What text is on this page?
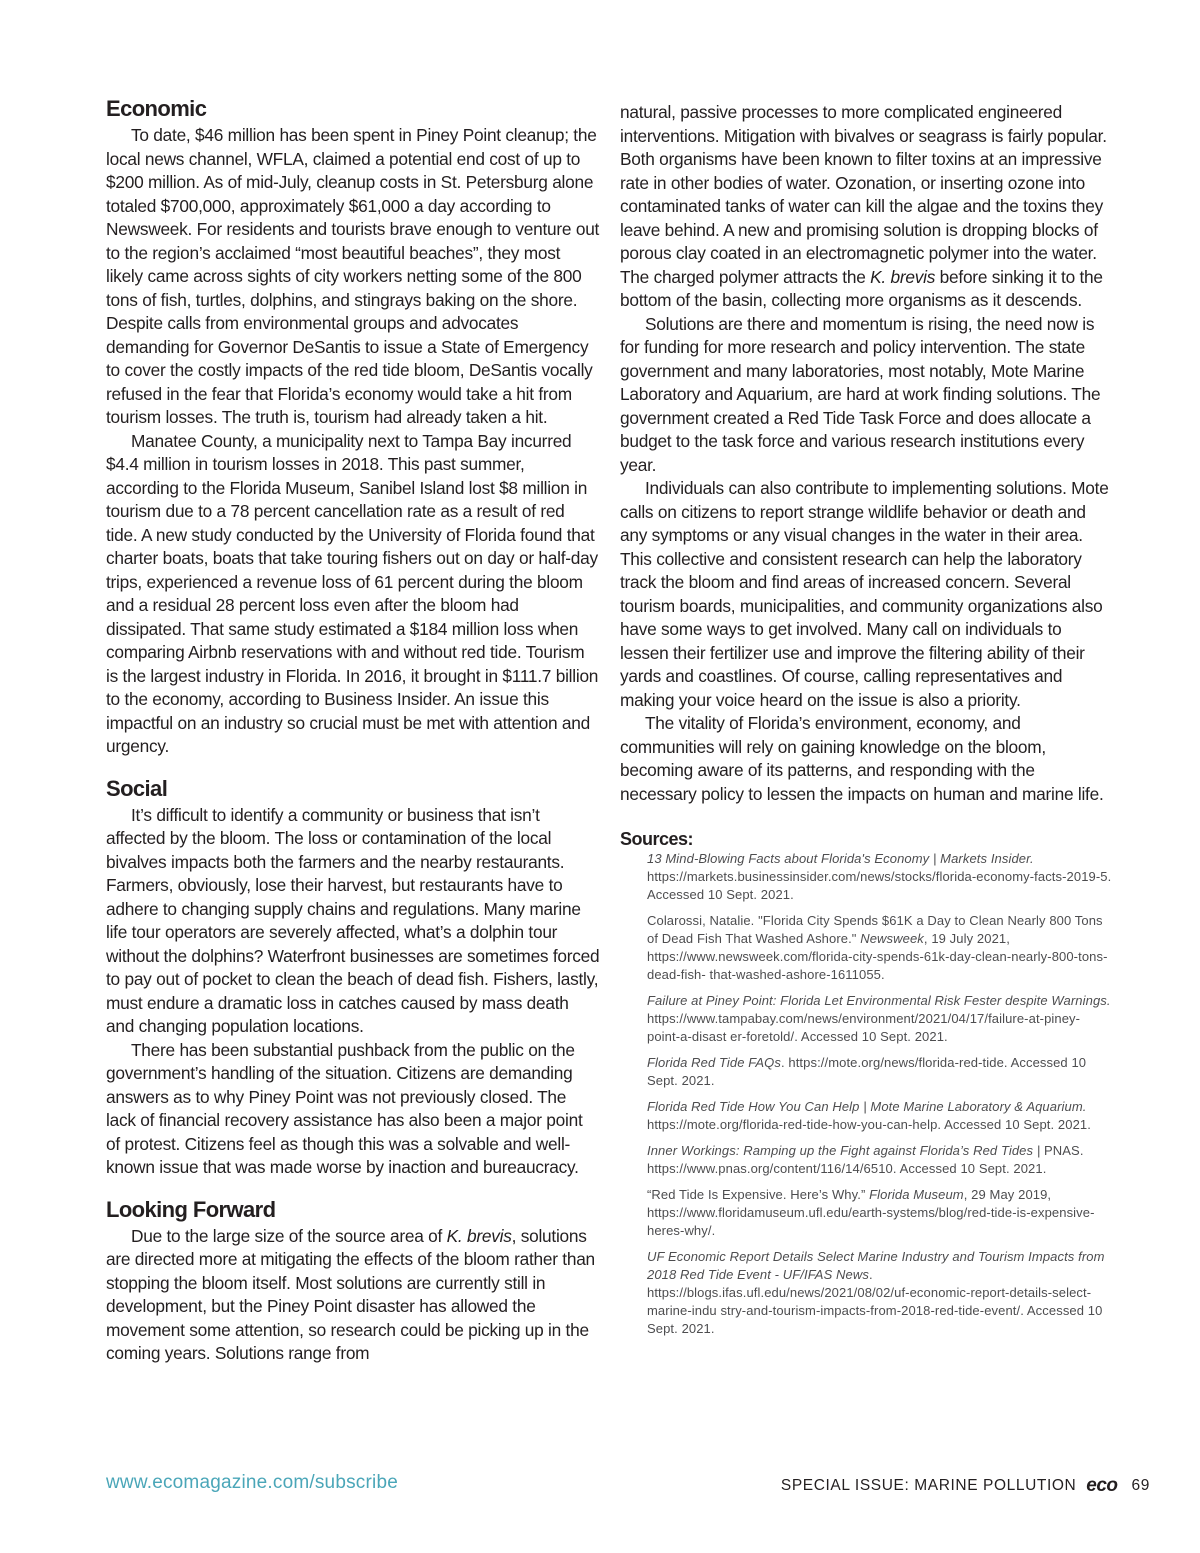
Economic

To date, $46 million has been spent in Piney Point cleanup; the local news channel, WFLA, claimed a potential end cost of up to $200 million. As of mid-July, cleanup costs in St. Petersburg alone totaled $700,000, approximately $61,000 a day according to Newsweek. For residents and tourists brave enough to venture out to the region’s acclaimed “most beautiful beaches”, they most likely came across sights of city workers netting some of the 800 tons of fish, turtles, dolphins, and stingrays baking on the shore. Despite calls from environmental groups and advocates demanding for Governor DeSantis to issue a State of Emergency to cover the costly impacts of the red tide bloom, DeSantis vocally refused in the fear that Florida’s economy would take a hit from tourism losses. The truth is, tourism had already taken a hit.

Manatee County, a municipality next to Tampa Bay incurred $4.4 million in tourism losses in 2018. This past summer, according to the Florida Museum, Sanibel Island lost $8 million in tourism due to a 78 percent cancellation rate as a result of red tide. A new study conducted by the University of Florida found that charter boats, boats that take touring fishers out on day or half-day trips, experienced a revenue loss of 61 percent during the bloom and a residual 28 percent loss even after the bloom had dissipated. That same study estimated a $184 million loss when comparing Airbnb reservations with and without red tide. Tourism is the largest industry in Florida. In 2016, it brought in $111.7 billion to the economy, according to Business Insider. An issue this impactful on an industry so crucial must be met with attention and urgency.

Social

It’s difficult to identify a community or business that isn’t affected by the bloom. The loss or contamination of the local bivalves impacts both the farmers and the nearby restaurants. Farmers, obviously, lose their harvest, but restaurants have to adhere to changing supply chains and regulations. Many marine life tour operators are severely affected, what’s a dolphin tour without the dolphins? Waterfront businesses are sometimes forced to pay out of pocket to clean the beach of dead fish. Fishers, lastly, must endure a dramatic loss in catches caused by mass death and changing population locations.

There has been substantial pushback from the public on the government’s handling of the situation. Citizens are demanding answers as to why Piney Point was not previously closed. The lack of financial recovery assistance has also been a major point of protest. Citizens feel as though this was a solvable and well-known issue that was made worse by inaction and bureaucracy.

Looking Forward

Due to the large size of the source area of K. brevis, solutions are directed more at mitigating the effects of the bloom rather than stopping the bloom itself. Most solutions are currently still in development, but the Piney Point disaster has allowed the movement some attention, so research could be picking up in the coming years. Solutions range from

natural, passive processes to more complicated engineered interventions. Mitigation with bivalves or seagrass is fairly popular. Both organisms have been known to filter toxins at an impressive rate in other bodies of water. Ozonation, or inserting ozone into contaminated tanks of water can kill the algae and the toxins they leave behind. A new and promising solution is dropping blocks of porous clay coated in an electromagnetic polymer into the water. The charged polymer attracts the K. brevis before sinking it to the bottom of the basin, collecting more organisms as it descends.

Solutions are there and momentum is rising, the need now is for funding for more research and policy intervention. The state government and many laboratories, most notably, Mote Marine Laboratory and Aquarium, are hard at work finding solutions. The government created a Red Tide Task Force and does allocate a budget to the task force and various research institutions every year.

Individuals can also contribute to implementing solutions. Mote calls on citizens to report strange wildlife behavior or death and any symptoms or any visual changes in the water in their area. This collective and consistent research can help the laboratory track the bloom and find areas of increased concern. Several tourism boards, municipalities, and community organizations also have some ways to get involved. Many call on individuals to lessen their fertilizer use and improve the filtering ability of their yards and coastlines. Of course, calling representatives and making your voice heard on the issue is also a priority.

The vitality of Florida’s environment, economy, and communities will rely on gaining knowledge on the bloom, becoming aware of its patterns, and responding with the necessary policy to lessen the impacts on human and marine life.

Sources:

13 Mind-Blowing Facts about Florida's Economy | Markets Insider. https://markets.businessinsider.com/news/stocks/florida-economy-facts-2019-5. Accessed 10 Sept. 2021.

Colarossi, Natalie. "Florida City Spends $61K a Day to Clean Nearly 800 Tons of Dead Fish That Washed Ashore." Newsweek, 19 July 2021, https://www.newsweek.com/florida-city-spends-61k-day-clean-nearly-800-tons-dead-fish- that-washed-ashore-1611055.

Failure at Piney Point: Florida Let Environmental Risk Fester despite Warnings. https://www.tampabay.com/news/environment/2021/04/17/failure-at-piney-point-a-disast er-foretold/. Accessed 10 Sept. 2021.

Florida Red Tide FAQs. https://mote.org/news/florida-red-tide. Accessed 10 Sept. 2021.

Florida Red Tide How You Can Help | Mote Marine Laboratory & Aquarium. https://mote.org/florida-red-tide-how-you-can-help. Accessed 10 Sept. 2021.

Inner Workings: Ramping up the Fight against Florida’s Red Tides | PNAS. https://www.pnas.org/content/116/14/6510. Accessed 10 Sept. 2021.

“Red Tide Is Expensive. Here’s Why.” Florida Museum, 29 May 2019, https://www.floridamuseum.ufl.edu/earth-systems/blog/red-tide-is-expensive-heres-why/.

UF Economic Report Details Select Marine Industry and Tourism Impacts from 2018 Red Tide Event - UF/IFAS News. https://blogs.ifas.ufl.edu/news/2021/08/02/uf-economic-report-details-select-marine-indu stry-and-tourism-impacts-from-2018-red-tide-event/. Accessed 10 Sept. 2021.

www.ecomagazine.com/subscribe	SPECIAL ISSUE: MARINE POLLUTION eco 69
